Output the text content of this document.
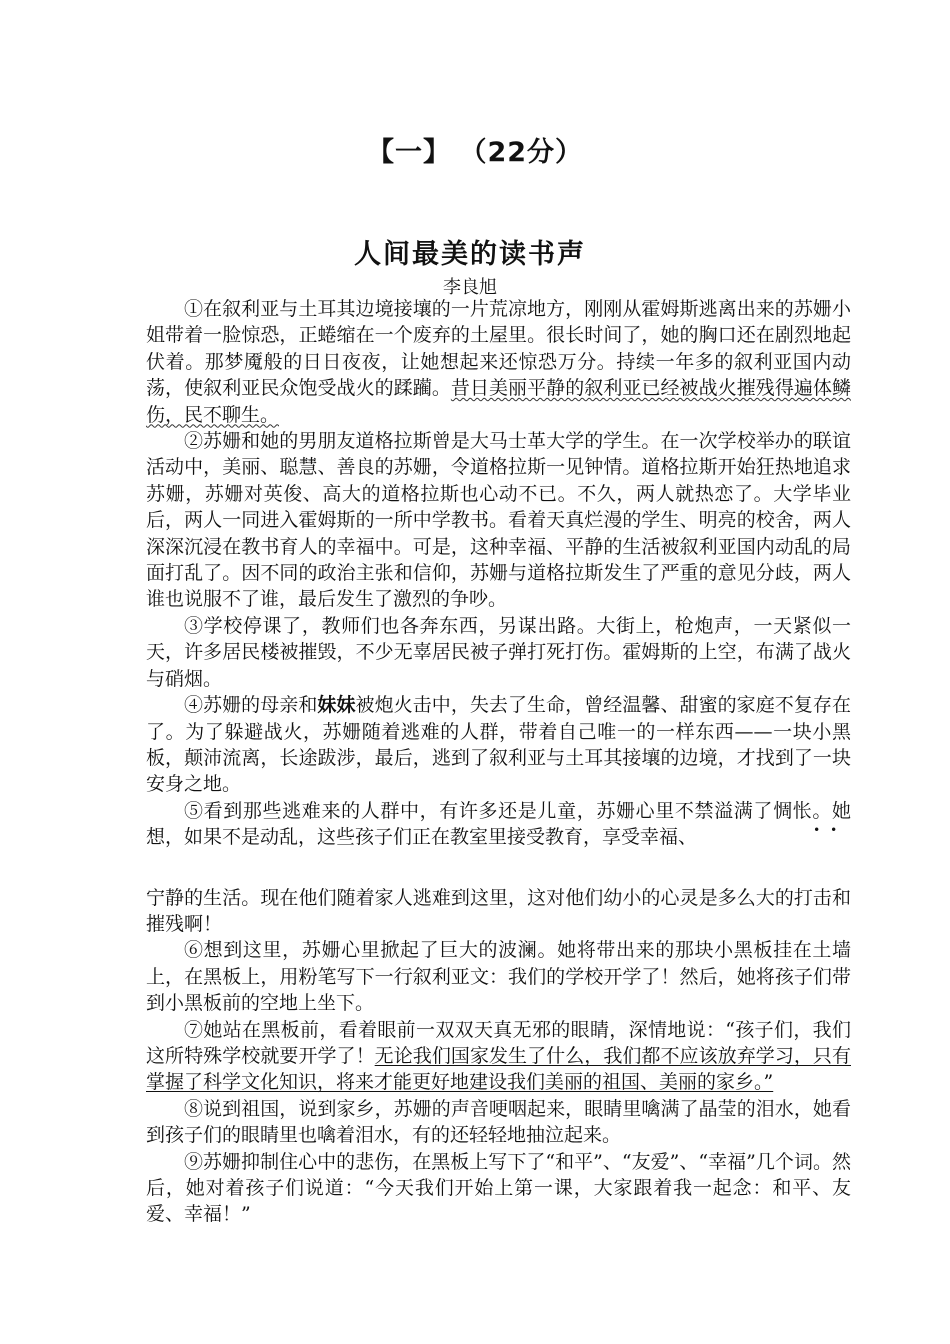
【一】 （22分）
人间最美的读书声
李良旭

①在叙利亚与土耳其边境接壤的一片荒凉地方，刚刚从霍姆斯逃离出来的苏姗小姐带着一脸惊恐，正蜷缩在一个废弃的土屋里。很长时间了，她的胸口还在剧烈地起伏着。那梦魇般的日日夜夜，让她想起来还惊恐万分。持续一年多的叙利亚国内动荡，使叙利亚民众饱受战火的蹂躏。昔日美丽平静的叙利亚已经被战火摧残得遍体鳞伤，民不聊生。

②苏姗和她的男朋友道格拉斯曾是大马士革大学的学生。在一次学校举办的联谊活动中，美丽、聪慧、善良的苏姗，令道格拉斯一见钟情。道格拉斯开始狂热地追求苏姗，苏姗对英俊、高大的道格拉斯也心动不已。不久，两人就热恋了。大学毕业后，两人一同进入霍姆斯的一所中学教书。看着天真烂漫的学生、明亮的校舍，两人深深沉浸在教书育人的幸福中。可是，这种幸福、平静的生活被叙利亚国内动乱的局面打乱了。因不同的政治主张和信仰，苏姗与道格拉斯发生了严重的意见分歧，两人谁也说服不了谁，最后发生了激烈的争吵。

③学校停课了，教师们也各奔东西，另谋出路。大街上，枪炮声，一天紧似一天，许多居民楼被摧毁，不少无辜居民被子弹打死打伤。霍姆斯的上空，布满了战火与硝烟。

④苏姗的母亲和妹妹被炮火击中，失去了生命，曾经温馨、甜蜜的家庭不复存在了。为了躲避战火，苏姗随着逃难的人群，带着自己唯一的一样东西——一块小黑板，颠沛流离，长途跋涉，最后，逃到了叙利亚与土耳其接壤的边境，才找到了一块安身之地。

⑤看到那些逃难来的人群中，有许多还是儿童，苏姗心里不禁溢满了惆怅
••
。她想，如果不是动乱，这些孩子们正在教室里接受教育，享受幸福、
宁静的生活。现在他们随着家人逃难到这里，这对他们幼小的心灵是多么大的打击和摧残啊！

⑥想到这里，苏姗心里掀起了巨大的波澜。她将带出来的那块小黑板挂在土墙上，在黑板上，用粉笔写下一行叙利亚文：我们的学校开学了！然后，她将孩子们带到小黑板前的空地上坐下。

⑦她站在黑板前，看着眼前一双双天真无邪的眼睛，深情地说：“孩子们，我们这所特殊学校就要开学了！无论我们国家发生了什么，我们都不应该放弃学习，只有掌握了科学文化知识，将来才能更好地建设我们美丽的祖国、美丽的家乡。”

⑧说到祖国，说到家乡，苏姗的声音哽咽起来，眼睛里噙满了晶莹的泪水，她看到孩子们的眼睛里也噙着泪水，有的还轻轻地抽泣起来。

⑨苏姗抑制住心中的悲伤，在黑板上写下了“和平”、“友爱”、“幸福”几个词。然后，她对着孩子们说道：“今天我们开始上第一课，大家跟着我一起念：和平、友爱、幸福！”
